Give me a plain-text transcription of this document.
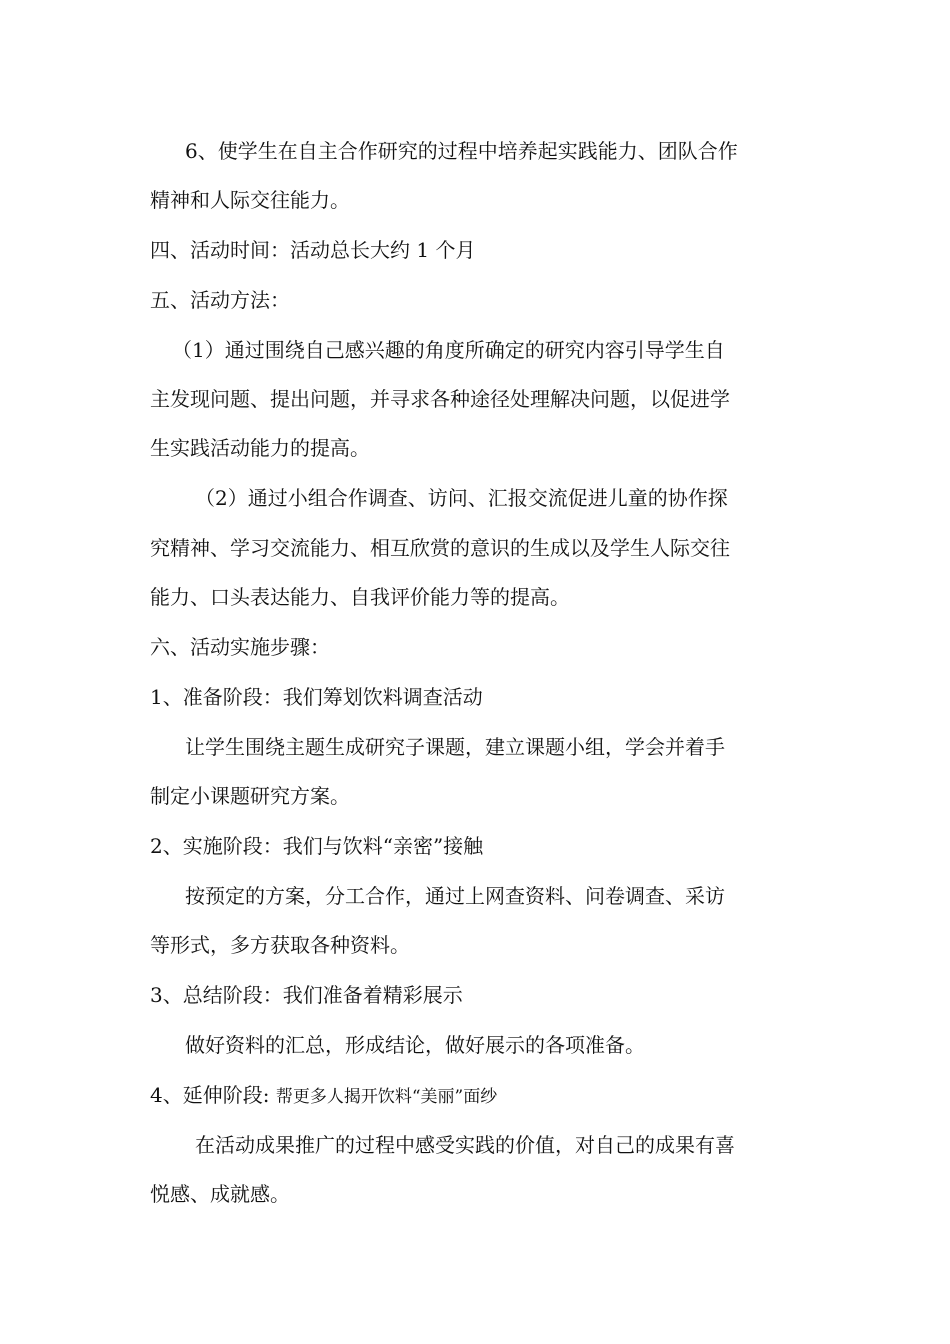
6、使学生在自主合作研究的过程中培养起实践能力、团队合作
精神和人际交往能力。
四、活动时间：活动总长大约 1 个月
五、活动方法：
（1）通过围绕自己感兴趣的角度所确定的研究内容引导学生自
主发现问题、提出问题，并寻求各种途径处理解决问题，以促进学
生实践活动能力的提高。
（2）通过小组合作调查、访问、汇报交流促进儿童的协作探
究精神、学习交流能力、相互欣赏的意识的生成以及学生人际交往
能力、口头表达能力、自我评价能力等的提高。
六、活动实施步骤：
1、准备阶段：我们筹划饮料调查活动
让学生围绕主题生成研究子课题，建立课题小组，学会并着手
制定小课题研究方案。
2、实施阶段：我们与饮料“亲密”接触
按预定的方案，分工合作，通过上网查资料、问卷调查、采访
等形式，多方获取各种资料。
3、总结阶段：我们准备着精彩展示
做好资料的汇总，形成结论，做好展示的各项准备。
4、延伸阶段: 帮更多人揭开饮料“美丽”面纱
在活动成果推广的过程中感受实践的价值，对自己的成果有喜
悦感、成就感。
